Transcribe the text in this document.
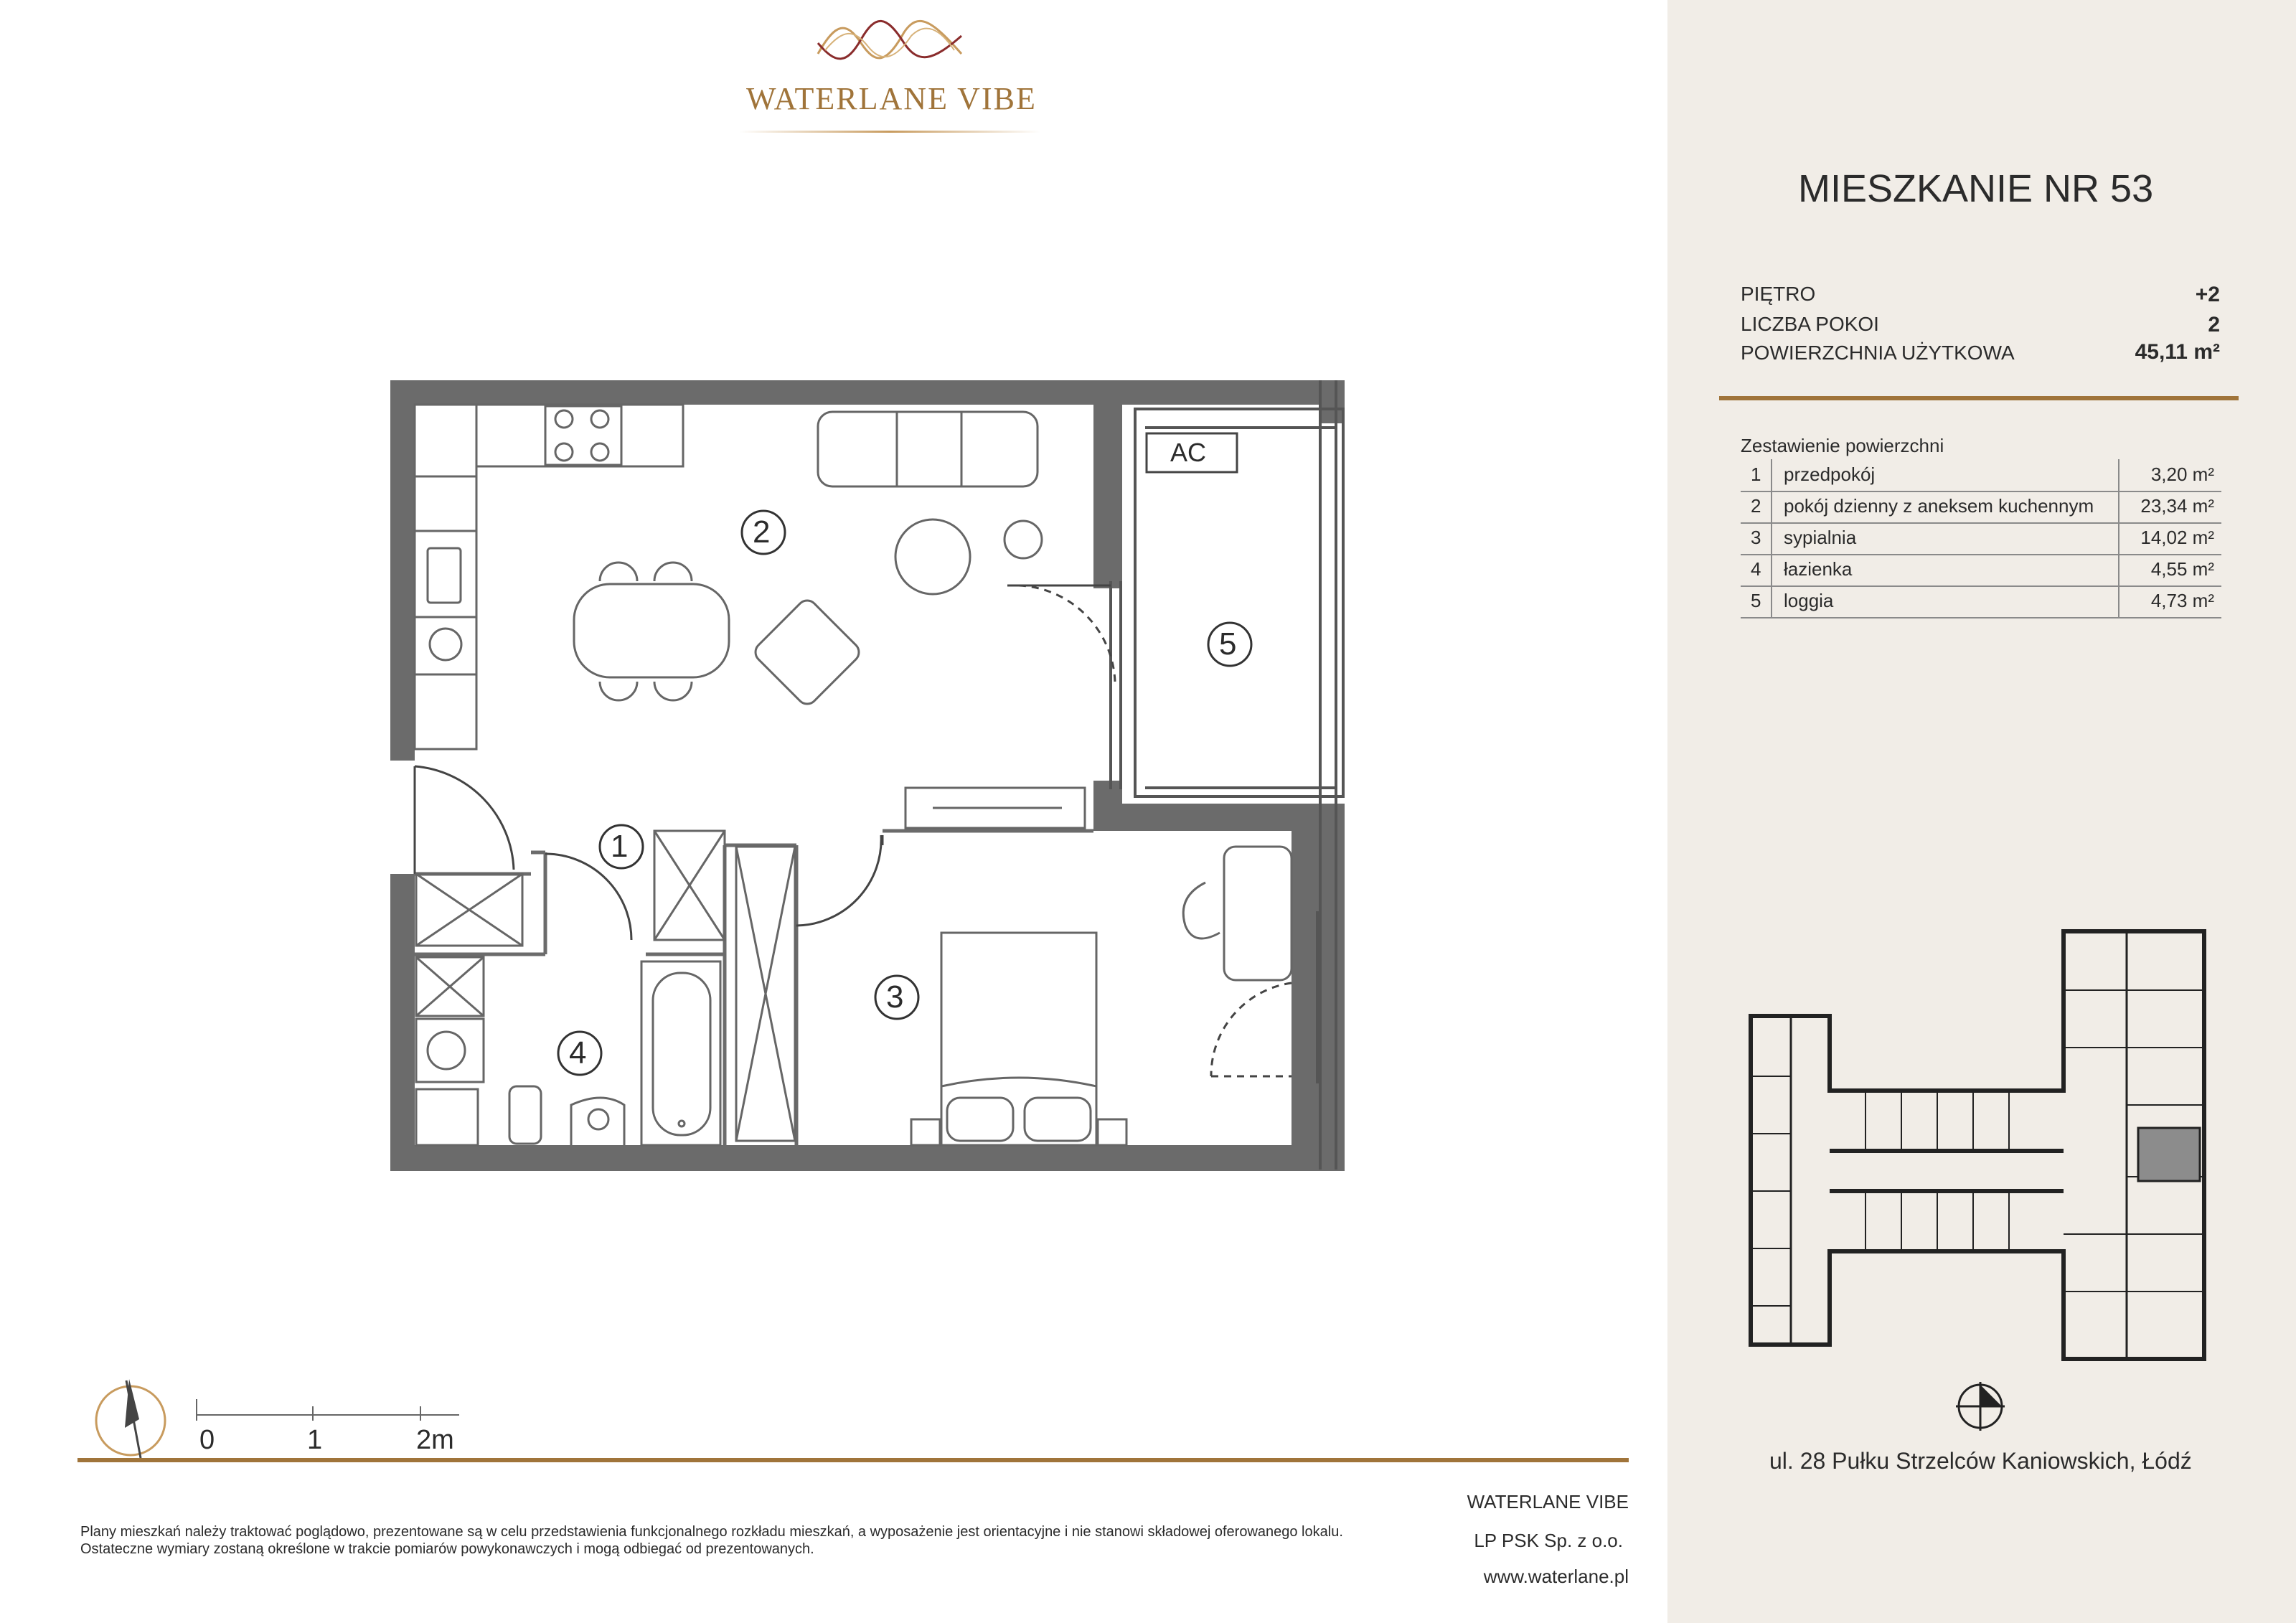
WATERLANE VIBE
AC
1
2
3
4
5
0	1	2m
MIESZKANIE NR 53
PIĘTRO	+2
LICZBA POKOI	2
POWIERZCHNIA UŻYTKOWA	45,11 m²
Zestawienie powierzchni
1 przedpokój	3,20 m²
2 pokój dzienny z aneksem kuchennym	23,34 m²
3 sypialnia	14,02 m²
4 łazienka	4,55 m²
5 loggia	4,73 m²
ul. 28 Pułku Strzelców Kaniowskich, Łódź
Plany mieszkań należy traktować poglądowo, prezentowane są w celu przedstawienia funkcjonalnego rozkładu mieszkań, a wyposażenie jest orientacyjne i nie stanowi składowej oferowanego lokalu.
Ostateczne wymiary zostaną określone w trakcie pomiarów powykonawczych i mogą odbiegać od prezentowanych.
WATERLANE VIBE
LP PSK Sp. z o.o.
www.waterlane.pl
